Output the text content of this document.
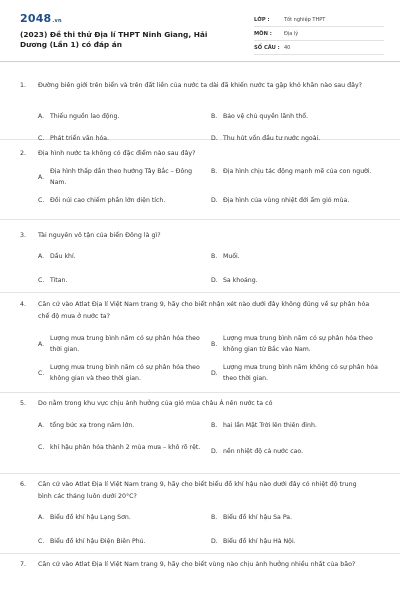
2048.vn
(2023) Đề thi thử Địa lí THPT Ninh Giang, Hải Dương (Lần 1) có đáp án
LỚP :	Tốt nghiệp THPT
MÔN :	Địa lý
SỐ CÂU : 40
1.	Đường biên giới trên biển và trên đất liền của nước ta dài đã khiến nước ta gặp khó khăn nào sau đây?
A. Thiếu nguồn lao động.	B. Bảo vệ chủ quyền lãnh thổ.
C. Phát triển văn hóa.	D. Thu hút vốn đầu tư nước ngoài.
2.	Địa hình nước ta không có đặc điểm nào sau đây?
A.
Địa hình thấp dần theo hướng Tây Bắc – Đông Nam.
B. Địa hình chịu tác động mạnh mẽ của con người.
C. Đồi núi cao chiếm phần lớn diện tích.	D. Địa hình của vùng nhiệt đới ẩm gió mùa.
3.	Tài nguyên vô tận của biển Đông là gì?
A. Dầu khí.	B. Muối.
C. Titan.	D. Sa khoáng.
4.	Căn cứ vào Atlat Địa lí Việt Nam trang 9, hãy cho biết nhận xét nào dưới đây không đúng về sự phân hóa chế độ mưa ở nước ta?
A.
Lượng mưa trung bình năm có sự phân hóa theo thời gian.
B.
Lượng mưa trung bình năm có sự phân hóa theo không gian từ Bắc vào Nam.
C.
Lượng mưa trung bình năm có sự phân hóa theo không gian và theo thời gian.
D.
Lượng mưa trung bình năm không có sự phân hóa theo thời gian.
5.	Do nằm trong khu vực chịu ảnh hưởng của gió mùa châu Á nên nước ta có
A. tổng bức xạ trong năm lớn.	B. hai lần Mặt Trời lên thiên đỉnh.
C. khí hậu phân hóa thành 2 mùa mưa – khô rõ rệt.
D. nền nhiệt độ cả nước cao.
6.	Căn cứ vào Atlat Địa lí Việt Nam trang 9, hãy cho biết biểu đồ khí hậu nào dưới đây có nhiệt độ trung bình các tháng luôn dưới 20°C?
A. Biểu đồ khí hậu Lạng Sơn.	B. Biểu đồ khí hậu Sa Pa.
C. Biểu đồ khí hậu Điện Biên Phủ.	D. Biểu đồ khí hậu Hà Nội.
7.	Căn cứ vào Atlat Địa lí Việt Nam trang 9, hãy cho biết vùng nào chịu ảnh hưởng nhiều nhất của bão?
